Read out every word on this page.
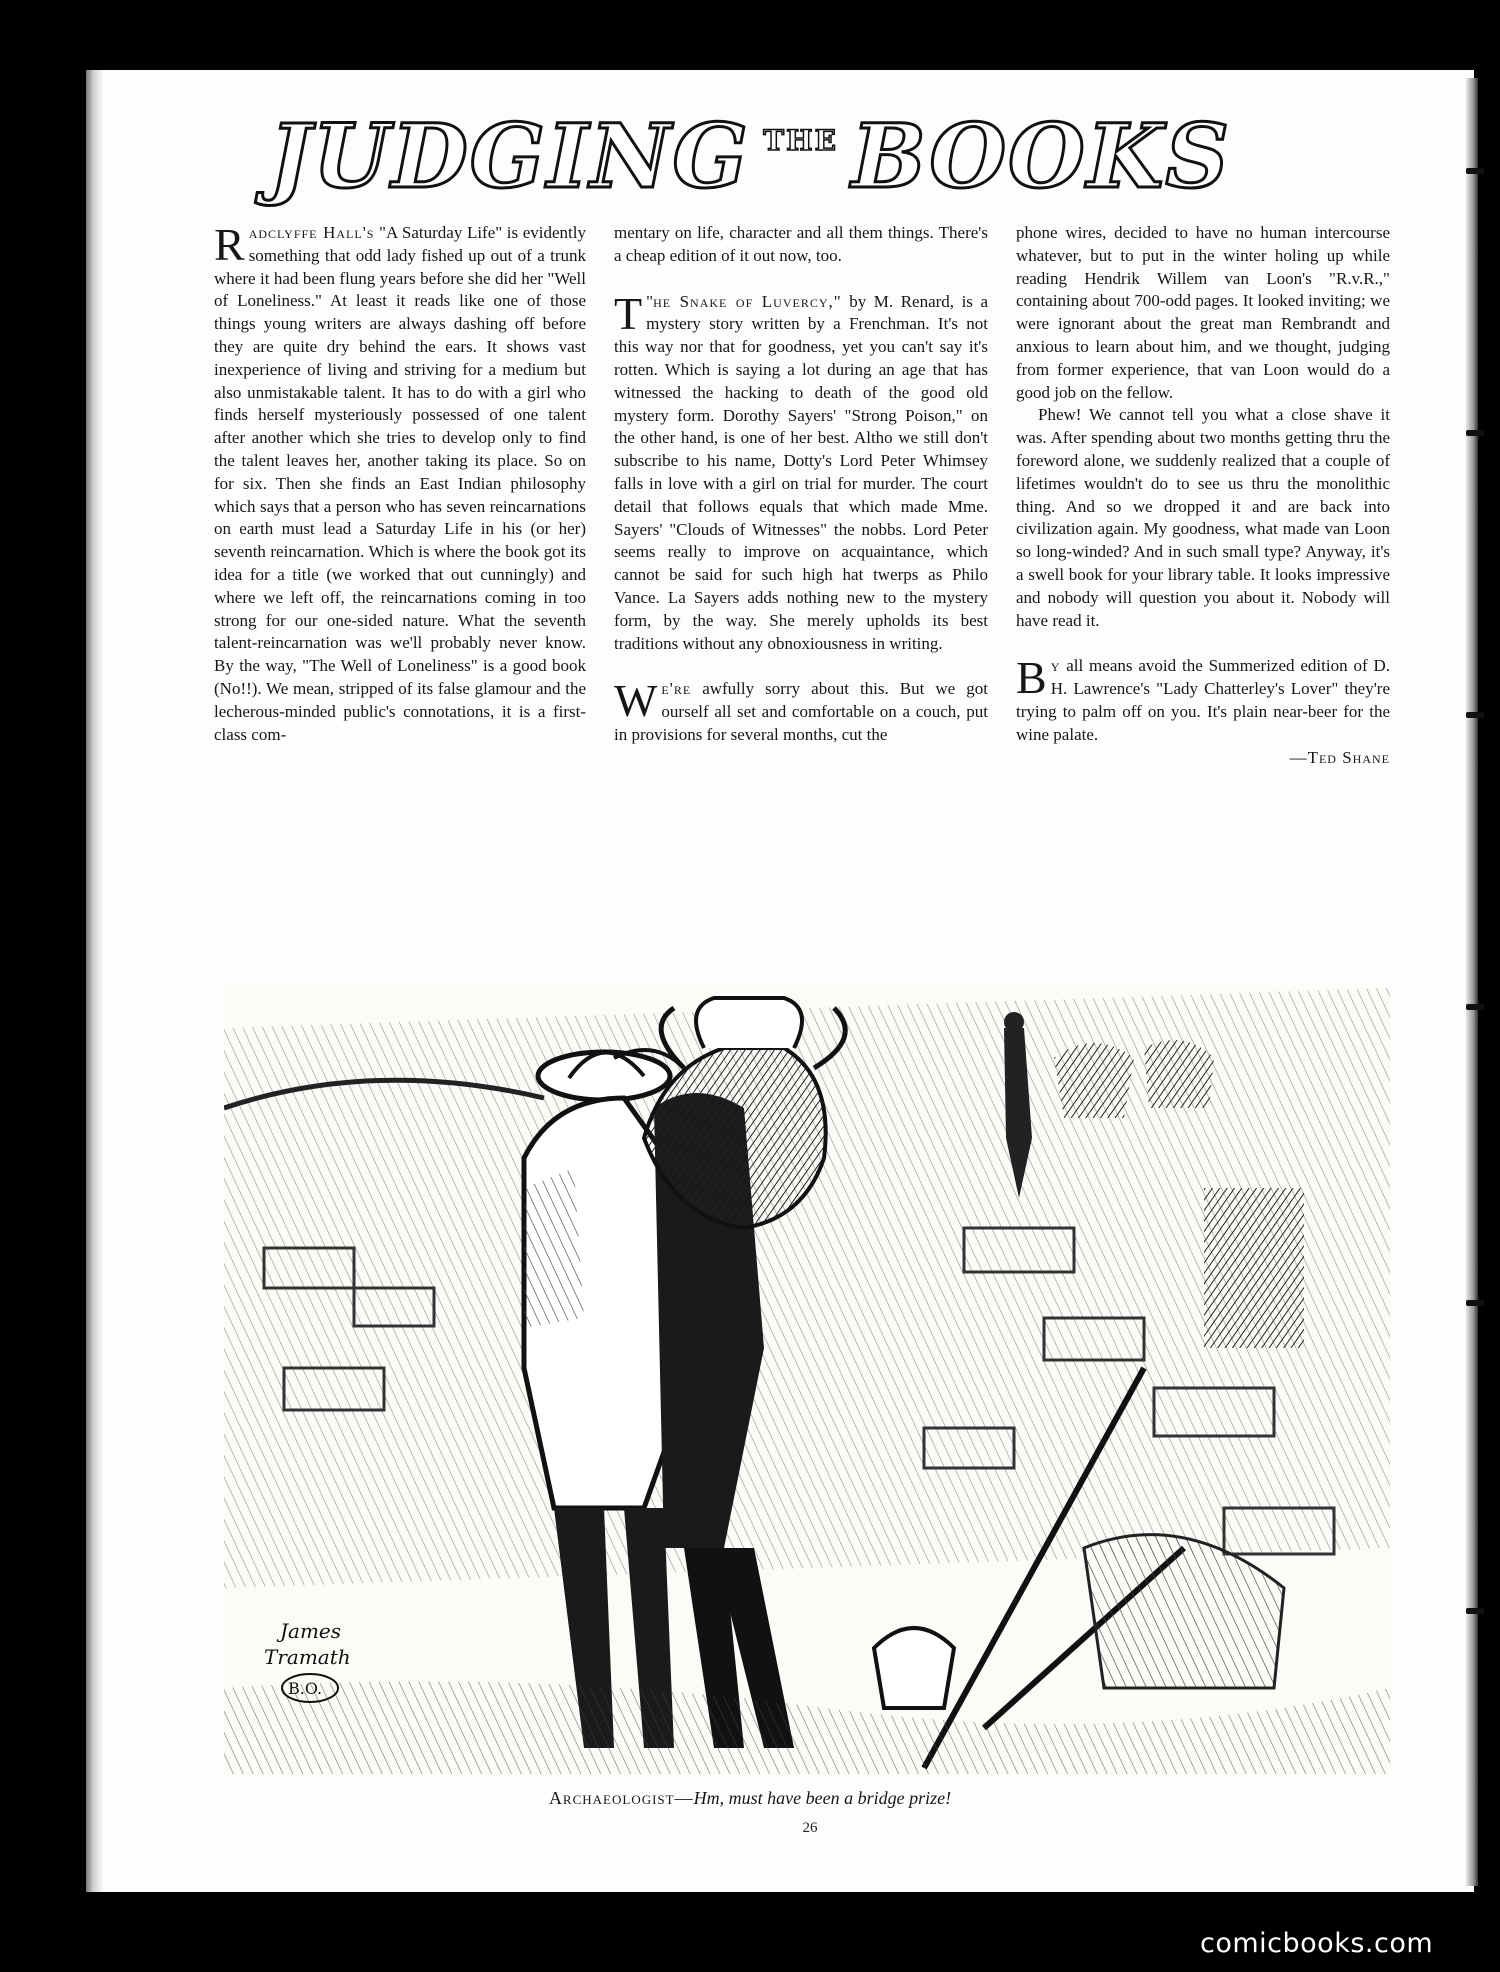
JUDGING THE BOOKS

Radclyffe Hall's "A Saturday Life" is evidently something that odd lady fished up out of a trunk where it had been flung years before she did her "Well of Loneliness." At least it reads like one of those things young writers are always dashing off before they are quite dry behind the ears. It shows vast inexperience of living and striving for a medium but also unmistakable talent. It has to do with a girl who finds herself mysteriously possessed of one talent after another which she tries to develop only to find the talent leaves her, another taking its place. So on for six. Then she finds an East Indian philosophy which says that a person who has seven reincarnations on earth must lead a Saturday Life in his (or her) seventh reincarnation. Which is where the book got its idea for a title (we worked that out cunningly) and where we left off, the reincarnations coming in too strong for our one-sided nature. What the seventh talent-reincarnation was we'll probably never know. By the way, "The Well of Loneliness" is a good book (No!!). We mean, stripped of its false glamour and the lecherous-minded public's connotations, it is a first-class com-

mentary on life, character and all them things. There's a cheap edition of it out now, too.

"
T he Snake of Luvercy," by M. Renard, is a mystery story written by a Frenchman. It's not this way nor that for goodness, yet you can't say it's rotten. Which is saying a lot during an age that has witnessed the hacking to death of the good old mystery form. Dorothy Sayers' "Strong Poison," on the other hand, is one of her best. Altho we still don't subscribe to his name, Dotty's Lord Peter Whimsey falls in love with a girl on trial for murder. The court detail that follows equals that which made Mme. Sayers' "Clouds of Witnesses" the nobbs. Lord Peter seems really to improve on acquaintance, which cannot be said for such high hat twerps as Philo Vance. La Sayers adds nothing new to the mystery form, by the way. She merely upholds its best traditions without any obnoxiousness in writing.

We're awfully sorry about this. But we got ourself all set and comfortable on a couch, put in provisions for several months, cut the

phone wires, decided to have no human intercourse whatever, but to put in the winter holing up while reading Hendrik Willem van Loon's "R.v.R.," containing about 700-odd pages. It looked inviting; we were ignorant about the great man Rembrandt and anxious to learn about him, and we thought, judging from former experience, that van Loon would do a good job on the fellow.

Phew! We cannot tell you what a close shave it was. After spending about two months getting thru the foreword alone, we suddenly realized that a couple of lifetimes wouldn't do to see us thru the monolithic thing. And so we dropped it and are back into civilization again. My goodness, what made van Loon so long-winded? And in such small type? Anyway, it's a swell book for your library table. It looks impressive and nobody will question you about it. Nobody will have read it.

By all means avoid the Summerized edition of D. H. Lawrence's "Lady Chatterley's Lover" they're trying to palm off on you. It's plain near-beer for the wine palate.

—Ted Shane

James
Tramath
B.O.
Archaeologist—Hm, must have been a bridge prize!
26
comicbooks.com
